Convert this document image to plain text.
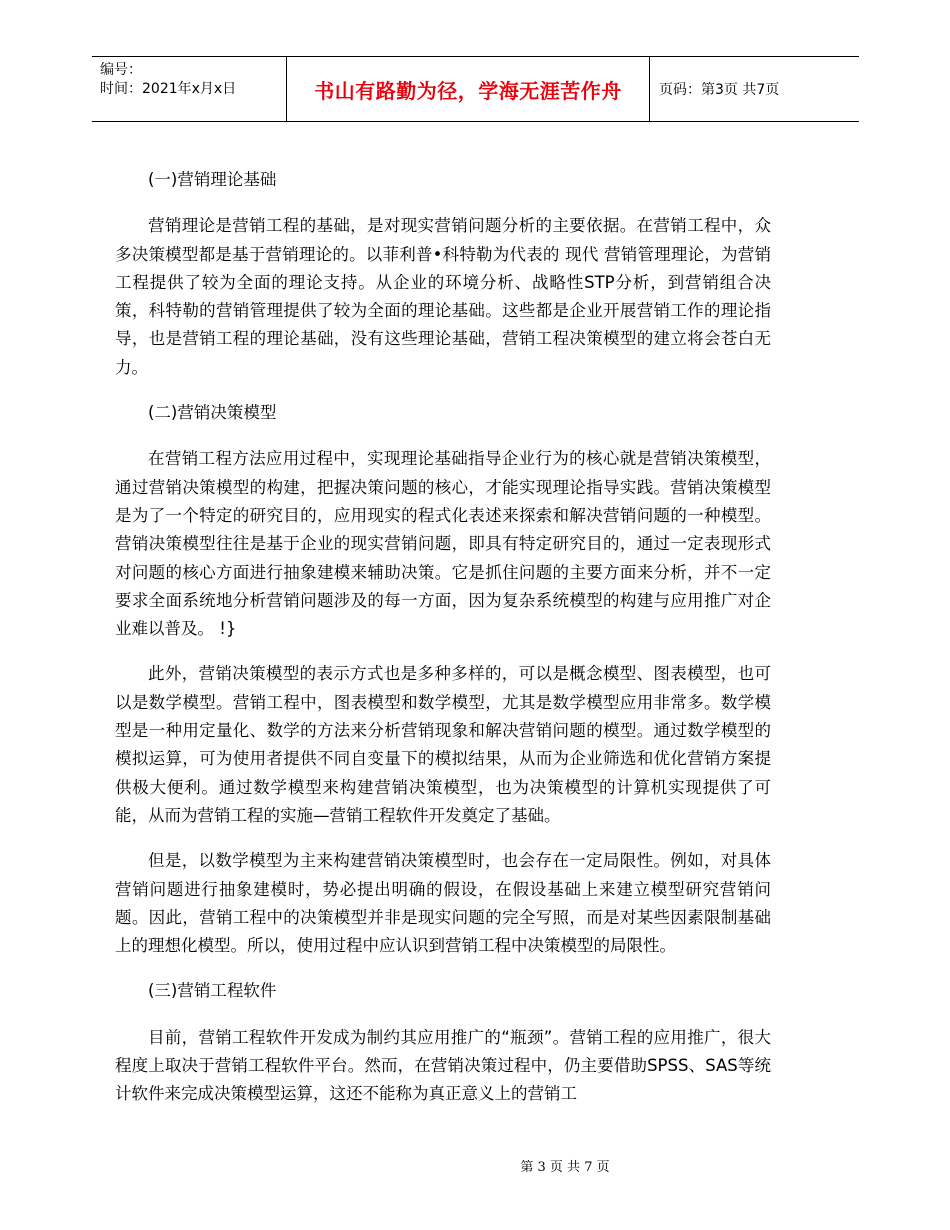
编号：
时间：2021年x月x日	书山有路勤为径，学海无涯苦作舟	页码：第3页 共7页

(一)营销理论基础

营销理论是营销工程的基础，是对现实营销问题分析的主要依据。在营销工程中，众多决策模型都是基于营销理论的。以菲利普•科特勒为代表的 现代 营销管理理论，为营销工程提供了较为全面的理论支持。从企业的环境分析、战略性STP分析，到营销组合决策，科特勒的营销管理提供了较为全面的理论基础。这些都是企业开展营销工作的理论指导，也是营销工程的理论基础，没有这些理论基础，营销工程决策模型的建立将会苍白无力。

(二)营销决策模型

在营销工程方法应用过程中，实现理论基础指导企业行为的核心就是营销决策模型，通过营销决策模型的构建，把握决策问题的核心，才能实现理论指导实践。营销决策模型是为了一个特定的研究目的，应用现实的程式化表述来探索和解决营销问题的一种模型。营销决策模型往往是基于企业的现实营销问题，即具有特定研究目的，通过一定表现形式对问题的核心方面进行抽象建模来辅助决策。它是抓住问题的主要方面来分析，并不一定要求全面系统地分析营销问题涉及的每一方面，因为复杂系统模型的构建与应用推广对企业难以普及。 !}

此外，营销决策模型的表示方式也是多种多样的，可以是概念模型、图表模型，也可以是数学模型。营销工程中，图表模型和数学模型，尤其是数学模型应用非常多。数学模型是一种用定量化、数学的方法来分析营销现象和解决营销问题的模型。通过数学模型的模拟运算，可为使用者提供不同自变量下的模拟结果，从而为企业筛选和优化营销方案提供极大便利。通过数学模型来构建营销决策模型，也为决策模型的计算机实现提供了可能，从而为营销工程的实施—营销工程软件开发奠定了基础。

但是，以数学模型为主来构建营销决策模型时，也会存在一定局限性。例如，对具体营销问题进行抽象建模时，势必提出明确的假设，在假设基础上来建立模型研究营销问题。因此，营销工程中的决策模型并非是现实问题的完全写照，而是对某些因素限制基础上的理想化模型。所以，使用过程中应认识到营销工程中决策模型的局限性。

(三)营销工程软件

目前，营销工程软件开发成为制约其应用推广的“瓶颈”。营销工程的应用推广，很大程度上取决于营销工程软件平台。然而，在营销决策过程中，仍主要借助SPSS、SAS等统计软件来完成决策模型运算，这还不能称为真正意义上的营销工

第 3 页 共 7 页
